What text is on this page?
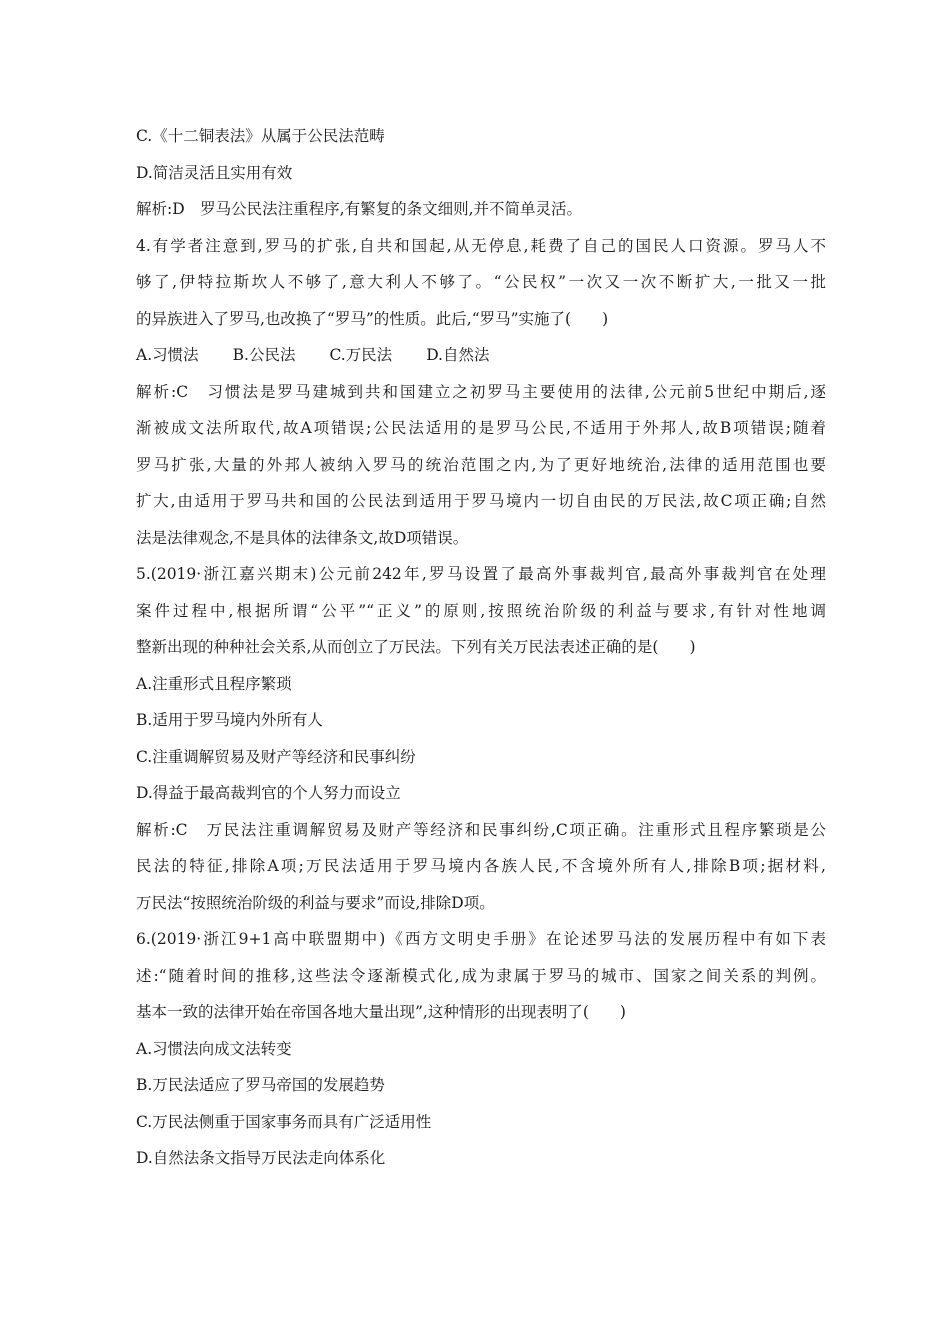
C.《十二铜表法》从属于公民法范畴

D.简洁灵活且实用有效

解析:D　罗马公民法注重程序,有繁复的条文细则,并不简单灵活。

4.有学者注意到,罗马的扩张,自共和国起,从无停息,耗费了自己的国民人口资源。罗马人不

够了,伊特拉斯坎人不够了,意大利人不够了。“公民权”一次又一次不断扩大,一批又一批

的异族进入了罗马,也改换了“罗马”的性质。此后,“罗马”实施了(　　)

A.习惯法 B.公民法 C.万民法 D.自然法

解析:C　习惯法是罗马建城到共和国建立之初罗马主要使用的法律,公元前5世纪中期后,逐

渐被成文法所取代,故A项错误;公民法适用的是罗马公民,不适用于外邦人,故B项错误;随着

罗马扩张,大量的外邦人被纳入罗马的统治范围之内,为了更好地统治,法律的适用范围也要

扩大,由适用于罗马共和国的公民法到适用于罗马境内一切自由民的万民法,故C项正确;自然

法是法律观念,不是具体的法律条文,故D项错误。

5.(2019·浙江嘉兴期末)公元前242年,罗马设置了最高外事裁判官,最高外事裁判官在处理

案件过程中,根据所谓“公平”“正义”的原则,按照统治阶级的利益与要求,有针对性地调

整新出现的种种社会关系,从而创立了万民法。下列有关万民法表述正确的是(　　)

A.注重形式且程序繁琐

B.适用于罗马境内外所有人

C.注重调解贸易及财产等经济和民事纠纷

D.得益于最高裁判官的个人努力而设立

解析:C　万民法注重调解贸易及财产等经济和民事纠纷,C项正确。注重形式且程序繁琐是公

民法的特征,排除A项;万民法适用于罗马境内各族人民,不含境外所有人,排除B项;据材料,

万民法“按照统治阶级的利益与要求”而设,排除D项。

6.(2019·浙江9+1高中联盟期中)《西方文明史手册》在论述罗马法的发展历程中有如下表

述:“随着时间的推移,这些法令逐渐模式化,成为隶属于罗马的城市、国家之间关系的判例。

基本一致的法律开始在帝国各地大量出现”,这种情形的出现表明了(　　)

A.习惯法向成文法转变

B.万民法适应了罗马帝国的发展趋势

C.万民法侧重于国家事务而具有广泛适用性

D.自然法条文指导万民法走向体系化
